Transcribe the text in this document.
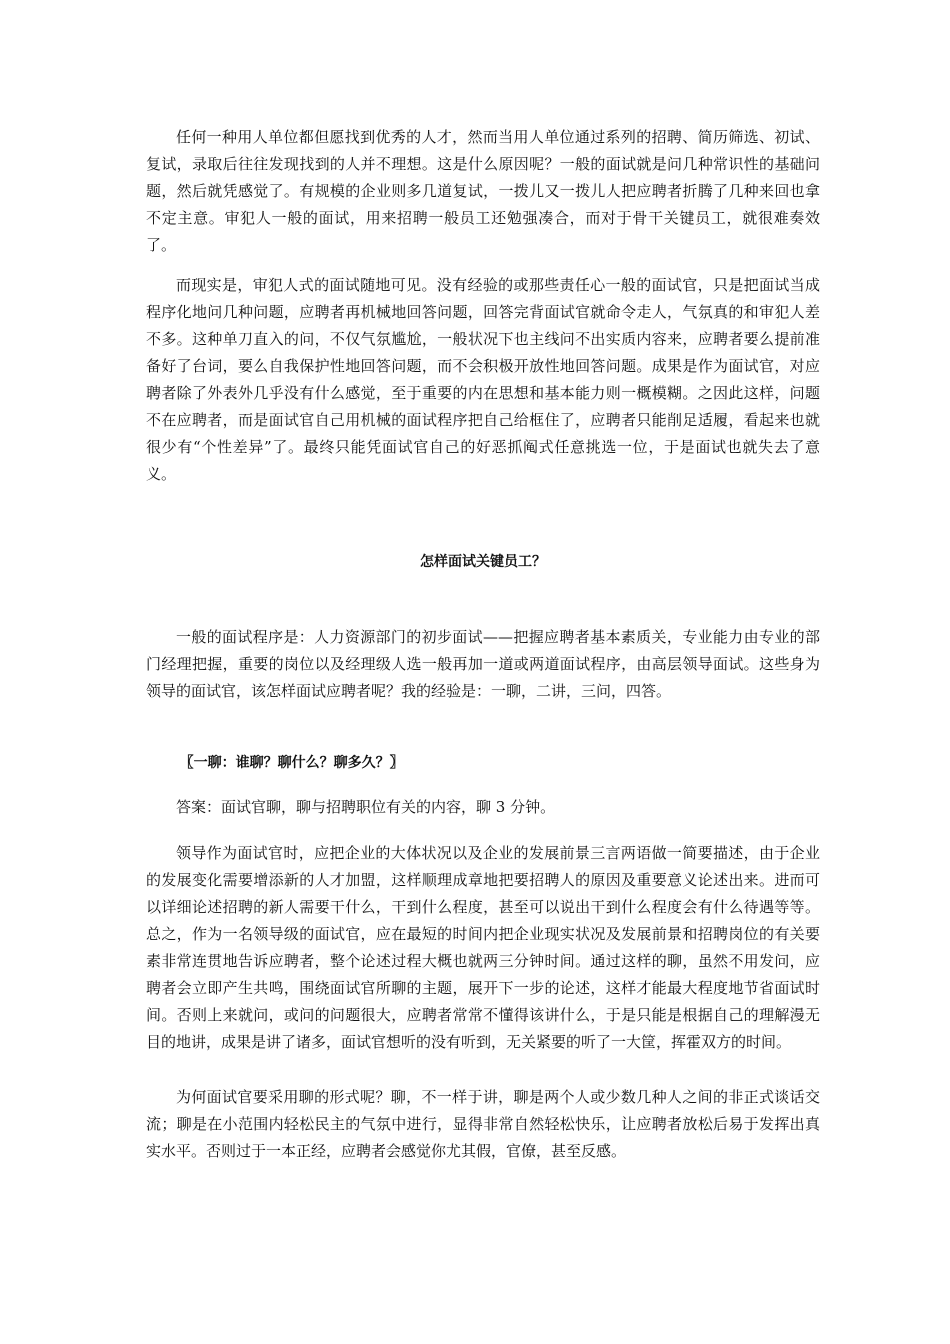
任何一种用人单位都但愿找到优秀的人才，然而当用人单位通过系列的招聘、简历筛选、初试、复试，录取后往往发现找到的人并不理想。这是什么原因呢？一般的面试就是问几种常识性的基础问题，然后就凭感觉了。有规模的企业则多几道复试，一拨儿又一拨儿人把应聘者折腾了几种来回也拿不定主意。审犯人一般的面试，用来招聘一般员工还勉强凑合，而对于骨干关键员工，就很难奏效了。

而现实是，审犯人式的面试随地可见。没有经验的或那些责任心一般的面试官，只是把面试当成程序化地问几种问题，应聘者再机械地回答问题，回答完背面试官就命令走人，气氛真的和审犯人差不多。这种单刀直入的问，不仅气氛尴尬，一般状况下也主线问不出实质内容来，应聘者要么提前准备好了台词，要么自我保护性地回答问题，而不会积极开放性地回答问题。成果是作为面试官，对应聘者除了外表外几乎没有什么感觉，至于重要的内在思想和基本能力则一概模糊。之因此这样，问题不在应聘者，而是面试官自己用机械的面试程序把自己给框住了，应聘者只能削足适履，看起来也就很少有“个性差异”了。最终只能凭面试官自己的好恶抓阄式任意挑选一位，于是面试也就失去了意义。

怎样面试关键员工？

一般的面试程序是：人力资源部门的初步面试——把握应聘者基本素质关，专业能力由专业的部门经理把握，重要的岗位以及经理级人选一般再加一道或两道面试程序，由高层领导面试。这些身为领导的面试官，该怎样面试应聘者呢？我的经验是：一聊，二讲，三问，四答。

〖一聊：谁聊？聊什么？聊多久？〗

答案：面试官聊，聊与招聘职位有关的内容，聊 3 分钟。

领导作为面试官时，应把企业的大体状况以及企业的发展前景三言两语做一简要描述，由于企业的发展变化需要增添新的人才加盟，这样顺理成章地把要招聘人的原因及重要意义论述出来。进而可以详细论述招聘的新人需要干什么，干到什么程度，甚至可以说出干到什么程度会有什么待遇等等。总之，作为一名领导级的面试官，应在最短的时间内把企业现实状况及发展前景和招聘岗位的有关要素非常连贯地告诉应聘者，整个论述过程大概也就两三分钟时间。通过这样的聊，虽然不用发问，应聘者会立即产生共鸣，围绕面试官所聊的主题，展开下一步的论述，这样才能最大程度地节省面试时间。否则上来就问，或问的问题很大，应聘者常常不懂得该讲什么，于是只能是根据自己的理解漫无目的地讲，成果是讲了诸多，面试官想听的没有听到，无关紧要的听了一大筐，挥霍双方的时间。

为何面试官要采用聊的形式呢？聊，不一样于讲，聊是两个人或少数几种人之间的非正式谈话交流；聊是在小范围内轻松民主的气氛中进行，显得非常自然轻松快乐，让应聘者放松后易于发挥出真实水平。否则过于一本正经，应聘者会感觉你尤其假，官僚，甚至反感。
